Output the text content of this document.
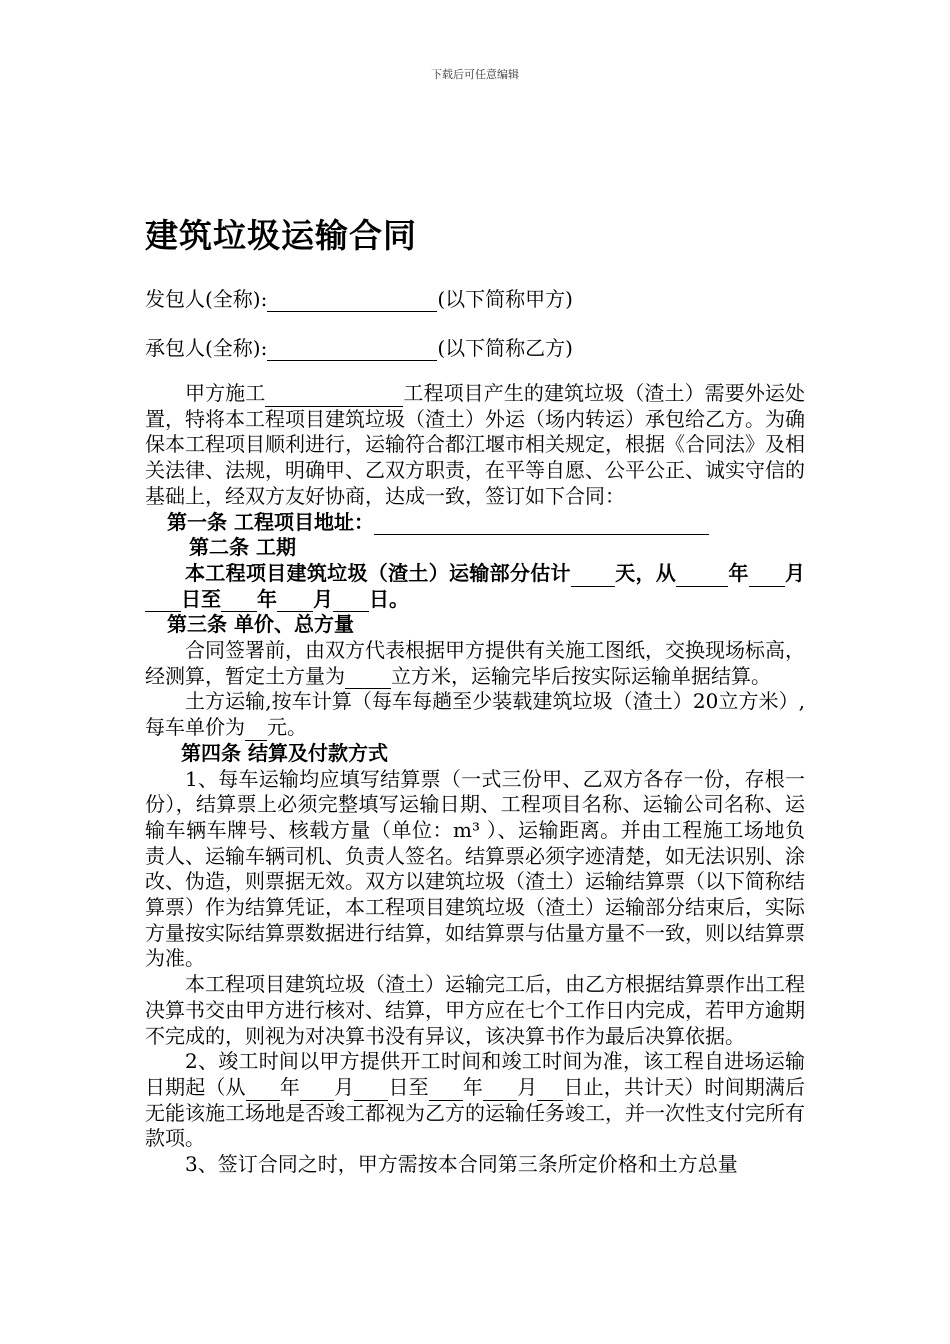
下载后可任意编辑
建筑垃圾运输合同
发包人(全称):	(以下简称甲方)
承包人(全称):	(以下简称乙方)

甲方施工	工程项目产生的建筑垃圾（渣土）需要外运处置，特将本工程项目建筑垃圾（渣土）外运（场内转运）承包给乙方。为确保本工程项目顺利进行，运输符合都江堰市相关规定，根据《合同法》及相关法律、法规，明确甲、乙双方职责，在平等自愿、公平公正、诚实守信的基础上，经双方友好协商，达成一致，签订如下合同：

第一条 工程项目地址：

第二条 工期

本工程项目建筑垃圾（渣土）运输部分估计 天，从	年 月日至 年 月 日。

第三条 单价、总方量

合同签署前，由双方代表根据甲方提供有关施工图纸，交换现场标高，经测算，暂定土方量为 立方米，运输完毕后按实际运输单据结算。

土方运输,按车计算（每车每趟至少装载建筑垃圾（渣土）20立方米）,每车单价为 元。

第四条 结算及付款方式

1、每车运输均应填写结算票（一式三份甲、乙双方各存一份，存根一份），结算票上必须完整填写运输日期、工程项目名称、运输公司名称、运输车辆车牌号、核载方量（单位：m³ ）、运输距离。并由工程施工场地负责人、运输车辆司机、负责人签名。结算票必须字迹清楚，如无法识别、涂改、伪造，则票据无效。双方以建筑垃圾（渣土）运输结算票（以下简称结算票）作为结算凭证，本工程项目建筑垃圾（渣土）运输部分结束后，实际方量按实际结算票数据进行结算，如结算票与估量方量不一致，则以结算票为准。

本工程项目建筑垃圾（渣土）运输完工后，由乙方根据结算票作出工程决算书交由甲方进行核对、结算，甲方应在七个工作日内完成，若甲方逾期不完成的，则视为对决算书没有异议，该决算书作为最后决算依据。

2、竣工时间以甲方提供开工时间和竣工时间为准，该工程自进场运输日期起（从 年 月 日至 年 月 日止，共计天）时间期满后无能该施工场地是否竣工都视为乙方的运输任务竣工，并一次性支付完所有款项。

3、签订合同之时，甲方需按本合同第三条所定价格和土方总量
